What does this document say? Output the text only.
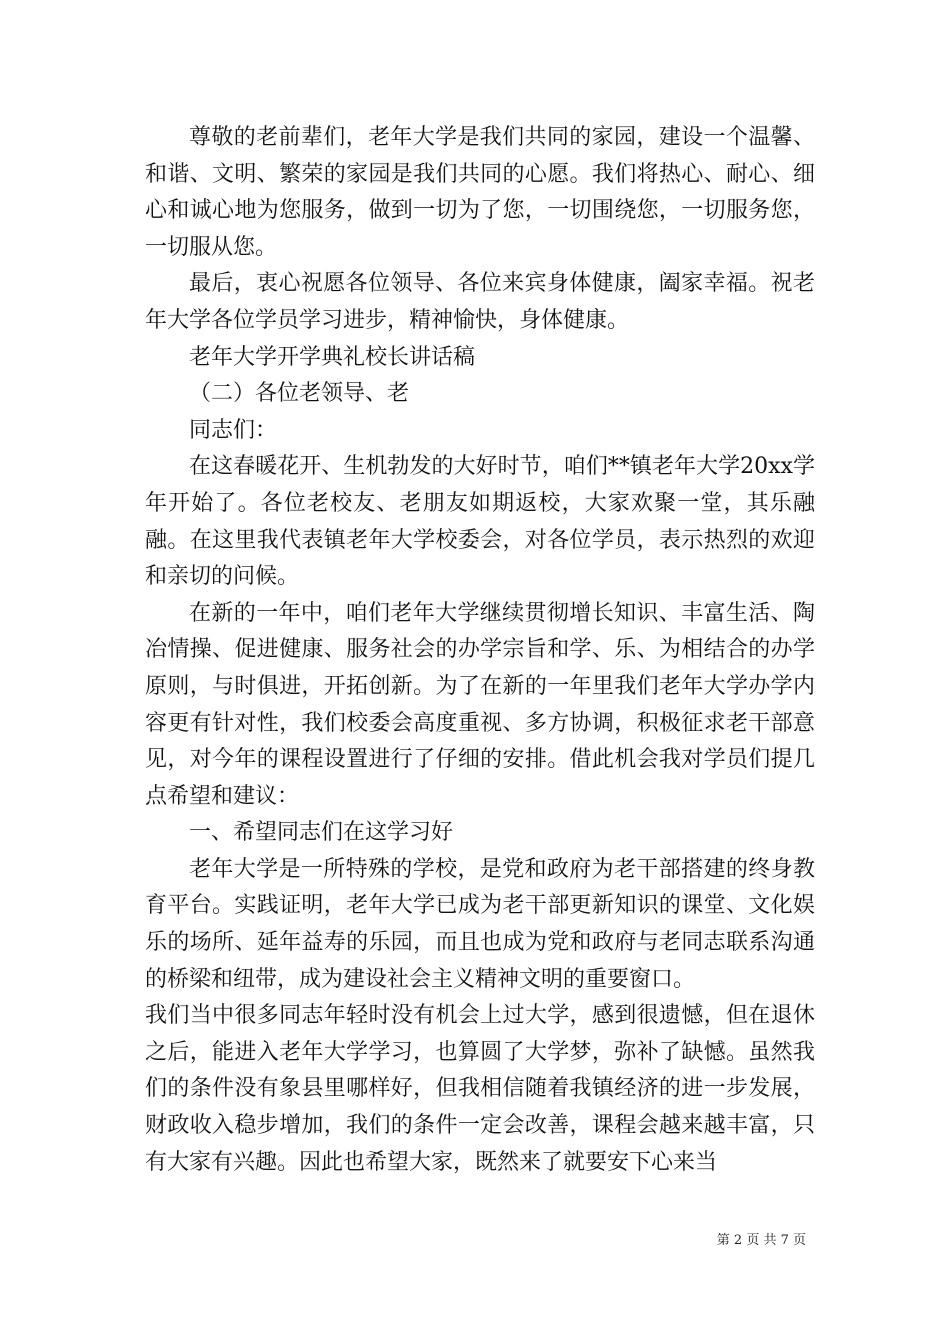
尊敬的老前辈们，老年大学是我们共同的家园，建设一个温馨、和谐、文明、繁荣的家园是我们共同的心愿。我们将热心、耐心、细心和诚心地为您服务，做到一切为了您，一切围绕您，一切服务您，一切服从您。

最后，衷心祝愿各位领导、各位来宾身体健康，阖家幸福。祝老年大学各位学员学习进步，精神愉快，身体健康。

老年大学开学典礼校长讲话稿

（二）各位老领导、老

同志们：

在这春暖花开、生机勃发的大好时节，咱们**镇老年大学20xx学年开始了。各位老校友、老朋友如期返校，大家欢聚一堂，其乐融融。在这里我代表镇老年大学校委会，对各位学员，表示热烈的欢迎和亲切的问候。

在新的一年中，咱们老年大学继续贯彻增长知识、丰富生活、陶冶情操、促进健康、服务社会的办学宗旨和学、乐、为相结合的办学原则，与时俱进，开拓创新。为了在新的一年里我们老年大学办学内容更有针对性，我们校委会高度重视、多方协调，积极征求老干部意见，对今年的课程设置进行了仔细的安排。借此机会我对学员们提几点希望和建议：

一、希望同志们在这学习好

老年大学是一所特殊的学校，是党和政府为老干部搭建的终身教育平台。实践证明，老年大学已成为老干部更新知识的课堂、文化娱乐的场所、延年益寿的乐园，而且也成为党和政府与老同志联系沟通的桥梁和纽带，成为建设社会主义精神文明的重要窗口。

我们当中很多同志年轻时没有机会上过大学，感到很遗憾，但在退休之后，能进入老年大学学习，也算圆了大学梦，弥补了缺憾。虽然我们的条件没有象县里哪样好，但我相信随着我镇经济的进一步发展，财政收入稳步增加，我们的条件一定会改善，课程会越来越丰富，只有大家有兴趣。因此也希望大家，既然来了就要安下心来当

第 2 页 共 7 页
